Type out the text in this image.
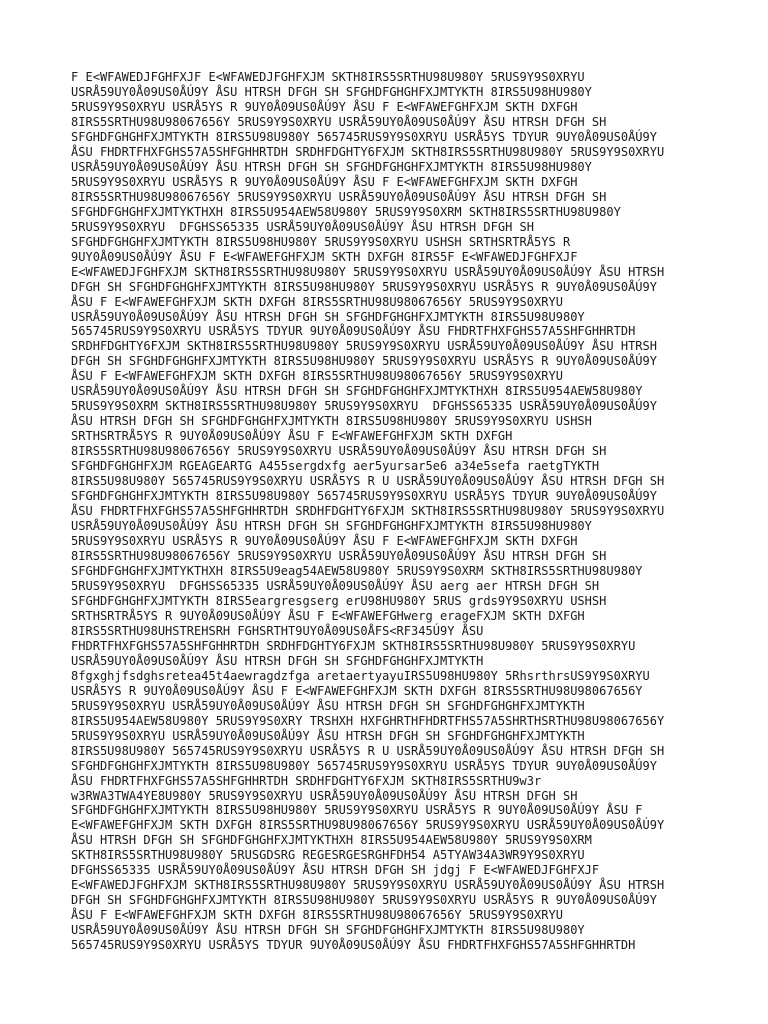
F E<WFAWEDJFGHFXJF E<WFAWEDJFGHFXJM SKTH8IRS5SRTHU98U980Y 5RUS9Y9S0XRYU
USRÅ59UY0Å09US0ÅÚ9Y ÅSU HTRSH DFGH SH SFGHDFGHGHFXJMTYKTH 8IRS5U98HU980Y
5RUS9Y9S0XRYU USRÅ5YS R 9UY0Å09US0ÅÚ9Y ÅSU F E<WFAWEFGHFXJM SKTH DXFGH
8IRS5SRTHU98U98067656Y 5RUS9Y9S0XRYU USRÅ59UY0Å09US0ÅÚ9Y ÅSU HTRSH DFGH SH
SFGHDFGHGHFXJMTYKTH 8IRS5U98U980Y 565745RUS9Y9S0XRYU USRÅ5YS TDYUR 9UY0Å09US0ÅÚ9Y
ÅSU FHDRTFHXFGHS57A5SHFGHHRTDH SRDHFDGHTY6FXJM SKTH8IRS5SRTHU98U980Y 5RUS9Y9S0XRYU
USRÅ59UY0Å09US0ÅÚ9Y ÅSU HTRSH DFGH SH SFGHDFGHGHFXJMTYKTH 8IRS5U98HU980Y
5RUS9Y9S0XRYU USRÅ5YS R 9UY0Å09US0ÅÚ9Y ÅSU F E<WFAWEFGHFXJM SKTH DXFGH
8IRS5SRTHU98U98067656Y 5RUS9Y9S0XRYU USRÅ59UY0Å09US0ÅÚ9Y ÅSU HTRSH DFGH SH
SFGHDFGHGHFXJMTYKTHXH 8IRS5U954AEW58U980Y 5RUS9Y9S0XRM SKTH8IRS5SRTHU98U980Y
5RUS9Y9S0XRYU  DFGHSS65335 USRÅ59UY0Å09US0ÅÚ9Y ÅSU HTRSH DFGH SH
SFGHDFGHGHFXJMTYKTH 8IRS5U98HU980Y 5RUS9Y9S0XRYU USHSH SRTHSRTRÅ5YS R
9UY0Å09US0ÅÚ9Y ÅSU F E<WFAWEFGHFXJM SKTH DXFGH 8IRS5F E<WFAWEDJFGHFXJF
E<WFAWEDJFGHFXJM SKTH8IRS5SRTHU98U980Y 5RUS9Y9S0XRYU USRÅ59UY0Å09US0ÅÚ9Y ÅSU HTRSH
DFGH SH SFGHDFGHGHFXJMTYKTH 8IRS5U98HU980Y 5RUS9Y9S0XRYU USRÅ5YS R 9UY0Å09US0ÅÚ9Y
ÅSU F E<WFAWEFGHFXJM SKTH DXFGH 8IRS5SRTHU98U98067656Y 5RUS9Y9S0XRYU
USRÅ59UY0Å09US0ÅÚ9Y ÅSU HTRSH DFGH SH SFGHDFGHGHFXJMTYKTH 8IRS5U98U980Y
565745RUS9Y9S0XRYU USRÅ5YS TDYUR 9UY0Å09US0ÅÚ9Y ÅSU FHDRTFHXFGHS57A5SHFGHHRTDH
SRDHFDGHTY6FXJM SKTH8IRS5SRTHU98U980Y 5RUS9Y9S0XRYU USRÅ59UY0Å09US0ÅÚ9Y ÅSU HTRSH
DFGH SH SFGHDFGHGHFXJMTYKTH 8IRS5U98HU980Y 5RUS9Y9S0XRYU USRÅ5YS R 9UY0Å09US0ÅÚ9Y
ÅSU F E<WFAWEFGHFXJM SKTH DXFGH 8IRS5SRTHU98U98067656Y 5RUS9Y9S0XRYU
USRÅ59UY0Å09US0ÅÚ9Y ÅSU HTRSH DFGH SH SFGHDFGHGHFXJMTYKTHXH 8IRS5U954AEW58U980Y
5RUS9Y9S0XRM SKTH8IRS5SRTHU98U980Y 5RUS9Y9S0XRYU  DFGHSS65335 USRÅ59UY0Å09US0ÅÚ9Y
ÅSU HTRSH DFGH SH SFGHDFGHGHFXJMTYKTH 8IRS5U98HU980Y 5RUS9Y9S0XRYU USHSH
SRTHSRTRÅ5YS R 9UY0Å09US0ÅÚ9Y ÅSU F E<WFAWEFGHFXJM SKTH DXFGH
8IRS5SRTHU98U98067656Y 5RUS9Y9S0XRYU USRÅ59UY0Å09US0ÅÚ9Y ÅSU HTRSH DFGH SH
SFGHDFGHGHFXJM RGEAGEARTG A455sergdxfg aer5yursar5e6 a34e5sefa raetgTYKTH
8IRS5U98U980Y 565745RUS9Y9S0XRYU USRÅ5YS R U USRÅ59UY0Å09US0ÅÚ9Y ÅSU HTRSH DFGH SH
SFGHDFGHGHFXJMTYKTH 8IRS5U98U980Y 565745RUS9Y9S0XRYU USRÅ5YS TDYUR 9UY0Å09US0ÅÚ9Y
ÅSU FHDRTFHXFGHS57A5SHFGHHRTDH SRDHFDGHTY6FXJM SKTH8IRS5SRTHU98U980Y 5RUS9Y9S0XRYU
USRÅ59UY0Å09US0ÅÚ9Y ÅSU HTRSH DFGH SH SFGHDFGHGHFXJMTYKTH 8IRS5U98HU980Y
5RUS9Y9S0XRYU USRÅ5YS R 9UY0Å09US0ÅÚ9Y ÅSU F E<WFAWEFGHFXJM SKTH DXFGH
8IRS5SRTHU98U98067656Y 5RUS9Y9S0XRYU USRÅ59UY0Å09US0ÅÚ9Y ÅSU HTRSH DFGH SH
SFGHDFGHGHFXJMTYKTHXH 8IRS5U9eag54AEW58U980Y 5RUS9Y9S0XRM SKTH8IRS5SRTHU98U980Y
5RUS9Y9S0XRYU  DFGHSS65335 USRÅ59UY0Å09US0ÅÚ9Y ÅSU aerg aer HTRSH DFGH SH
SFGHDFGHGHFXJMTYKTH 8IRS5eargresgserg erU98HU980Y 5RUS grds9Y9S0XRYU USHSH
SRTHSRTRÅ5YS R 9UY0Å09US0ÅÚ9Y ÅSU F E<WFAWEFGHwerg erageFXJM SKTH DXFGH
8IRS5SRTHU98UHSTREHSRH FGHSRTHT9UY0Å09US0ÅFS<RF345Ú9Y ÅSU
FHDRTFHXFGHS57A5SHFGHHRTDH SRDHFDGHTY6FXJM SKTH8IRS5SRTHU98U980Y 5RUS9Y9S0XRYU
USRÅ59UY0Å09US0ÅÚ9Y ÅSU HTRSH DFGH SH SFGHDFGHGHFXJMTYKTH
8fgxghjfsdghsretea45t4aewragdzfga aretaertyayuIRS5U98HU980Y 5RhsrthrsUS9Y9S0XRYU
USRÅ5YS R 9UY0Å09US0ÅÚ9Y ÅSU F E<WFAWEFGHFXJM SKTH DXFGH 8IRS5SRTHU98U98067656Y
5RUS9Y9S0XRYU USRÅ59UY0Å09US0ÅÚ9Y ÅSU HTRSH DFGH SH SFGHDFGHGHFXJMTYKTH
8IRS5U954AEW58U980Y 5RUS9Y9S0XRY TRSHXH HXFGHRTHFHDRTFHS57A5SHRTHSRTHU98U98067656Y
5RUS9Y9S0XRYU USRÅ59UY0Å09US0ÅÚ9Y ÅSU HTRSH DFGH SH SFGHDFGHGHFXJMTYKTH
8IRS5U98U980Y 565745RUS9Y9S0XRYU USRÅ5YS R U USRÅ59UY0Å09US0ÅÚ9Y ÅSU HTRSH DFGH SH
SFGHDFGHGHFXJMTYKTH 8IRS5U98U980Y 565745RUS9Y9S0XRYU USRÅ5YS TDYUR 9UY0Å09US0ÅÚ9Y
ÅSU FHDRTFHXFGHS57A5SHFGHHRTDH SRDHFDGHTY6FXJM SKTH8IRS5SRTHU9w3r
w3RWA3TWA4YE8U980Y 5RUS9Y9S0XRYU USRÅ59UY0Å09US0ÅÚ9Y ÅSU HTRSH DFGH SH
SFGHDFGHGHFXJMTYKTH 8IRS5U98HU980Y 5RUS9Y9S0XRYU USRÅ5YS R 9UY0Å09US0ÅÚ9Y ÅSU F
E<WFAWEFGHFXJM SKTH DXFGH 8IRS5SRTHU98U98067656Y 5RUS9Y9S0XRYU USRÅ59UY0Å09US0ÅÚ9Y
ÅSU HTRSH DFGH SH SFGHDFGHGHFXJMTYKTHXH 8IRS5U954AEW58U980Y 5RUS9Y9S0XRM
SKTH8IRS5SRTHU98U980Y 5RUSGDSRG REGESRGESRGHFDH54 A5TYAW34A3WR9Y9S0XRYU
DFGHSS65335 USRÅ59UY0Å09US0ÅÚ9Y ÅSU HTRSH DFGH SH jdgj F E<WFAWEDJFGHFXJF
E<WFAWEDJFGHFXJM SKTH8IRS5SRTHU98U980Y 5RUS9Y9S0XRYU USRÅ59UY0Å09US0ÅÚ9Y ÅSU HTRSH
DFGH SH SFGHDFGHGHFXJMTYKTH 8IRS5U98HU980Y 5RUS9Y9S0XRYU USRÅ5YS R 9UY0Å09US0ÅÚ9Y
ÅSU F E<WFAWEFGHFXJM SKTH DXFGH 8IRS5SRTHU98U98067656Y 5RUS9Y9S0XRYU
USRÅ59UY0Å09US0ÅÚ9Y ÅSU HTRSH DFGH SH SFGHDFGHGHFXJMTYKTH 8IRS5U98U980Y
565745RUS9Y9S0XRYU USRÅ5YS TDYUR 9UY0Å09US0ÅÚ9Y ÅSU FHDRTFHXFGHS57A5SHFGHHRTDH
